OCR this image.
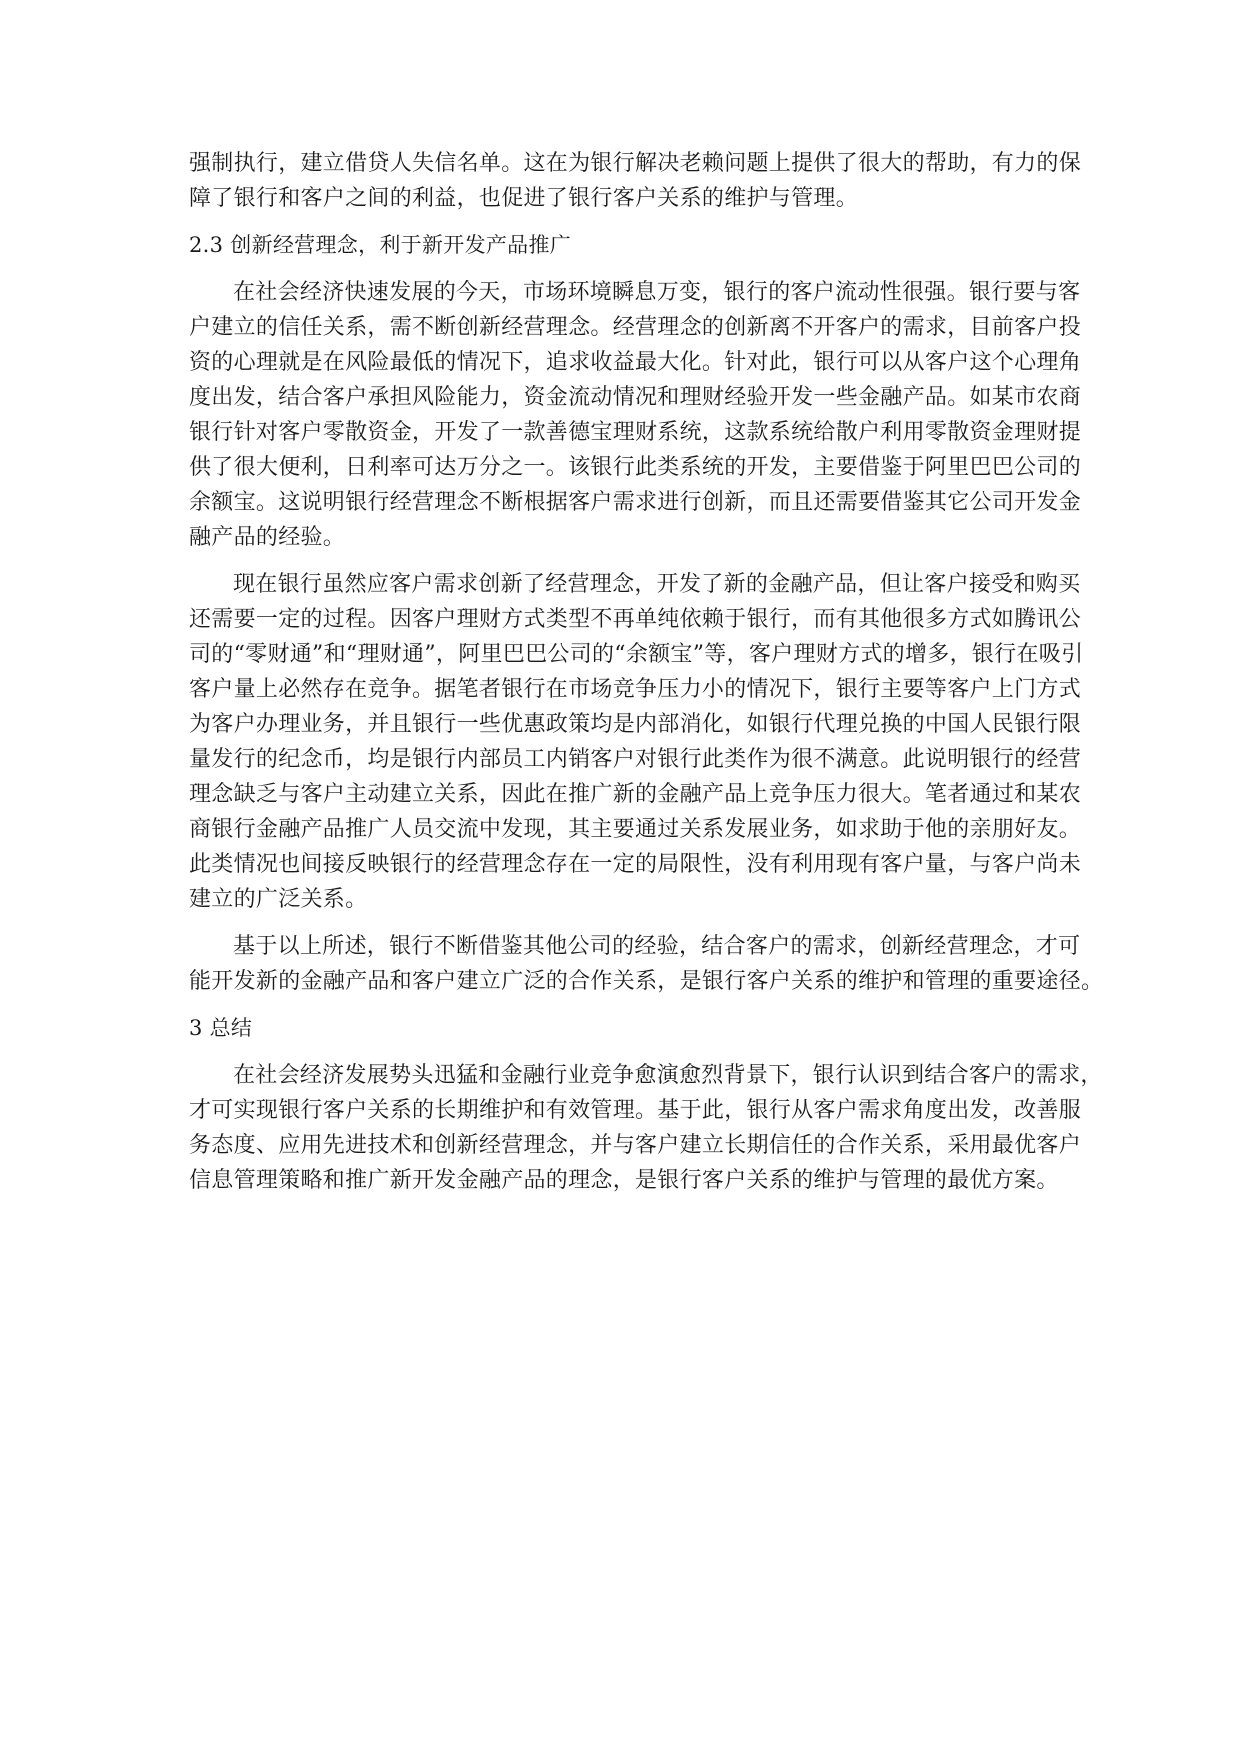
强制执行，建立借贷人失信名单。这在为银行解决老赖问题上提供了很大的帮助，有力的保
障了银行和客户之间的利益，也促进了银行客户关系的维护与管理。
2.3 创新经营理念，利于新开发产品推广
在社会经济快速发展的今天，市场环境瞬息万变，银行的客户流动性很强。银行要与客
户建立的信任关系，需不断创新经营理念。经营理念的创新离不开客户的需求，目前客户投
资的心理就是在风险最低的情况下，追求收益最大化。针对此，银行可以从客户这个心理角
度出发，结合客户承担风险能力，资金流动情况和理财经验开发一些金融产品。如某市农商
银行针对客户零散资金，开发了一款善德宝理财系统，这款系统给散户利用零散资金理财提
供了很大便利，日利率可达万分之一。该银行此类系统的开发，主要借鉴于阿里巴巴公司的
余额宝。这说明银行经营理念不断根据客户需求进行创新，而且还需要借鉴其它公司开发金
融产品的经验。
现在银行虽然应客户需求创新了经营理念，开发了新的金融产品，但让客户接受和购买
还需要一定的过程。因客户理财方式类型不再单纯依赖于银行，而有其他很多方式如腾讯公
司的“零财通”和“理财通”，阿里巴巴公司的“余额宝”等，客户理财方式的增多，银行在吸引
客户量上必然存在竞争。据笔者银行在市场竞争压力小的情况下，银行主要等客户上门方式
为客户办理业务，并且银行一些优惠政策均是内部消化，如银行代理兑换的中国人民银行限
量发行的纪念币，均是银行内部员工内销客户对银行此类作为很不满意。此说明银行的经营
理念缺乏与客户主动建立关系，因此在推广新的金融产品上竞争压力很大。笔者通过和某农
商银行金融产品推广人员交流中发现，其主要通过关系发展业务，如求助于他的亲朋好友。
此类情况也间接反映银行的经营理念存在一定的局限性，没有利用现有客户量，与客户尚未
建立的广泛关系。
基于以上所述，银行不断借鉴其他公司的经验，结合客户的需求，创新经营理念，才可
能开发新的金融产品和客户建立广泛的合作关系，是银行客户关系的维护和管理的重要途径。
3 总结
在社会经济发展势头迅猛和金融行业竞争愈演愈烈背景下，银行认识到结合客户的需求，
才可实现银行客户关系的长期维护和有效管理。基于此，银行从客户需求角度出发，改善服
务态度、应用先进技术和创新经营理念，并与客户建立长期信任的合作关系，采用最优客户
信息管理策略和推广新开发金融产品的理念，是银行客户关系的维护与管理的最优方案。
